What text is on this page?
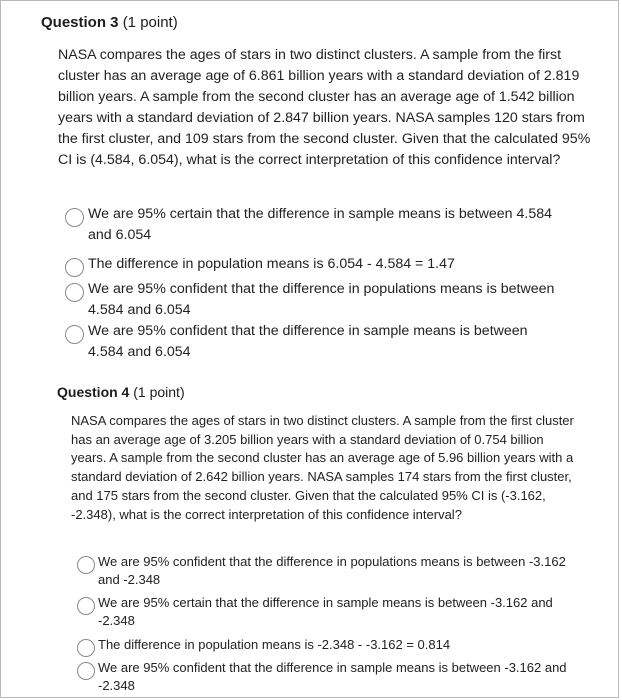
Question 3 (1 point)

NASA compares the ages of stars in two distinct clusters. A sample from the first cluster has an average age of 6.861 billion years with a standard deviation of 2.819 billion years. A sample from the second cluster has an average age of 1.542 billion years with a standard deviation of 2.847 billion years. NASA samples 120 stars from the first cluster, and 109 stars from the second cluster. Given that the calculated 95% CI is (4.584, 6.054), what is the correct interpretation of this confidence interval?

We are 95% certain that the difference in sample means is between 4.584 and 6.054
The difference in population means is 6.054 - 4.584 = 1.47
We are 95% confident that the difference in populations means is between 4.584 and 6.054
We are 95% confident that the difference in sample means is between 4.584 and 6.054
Question 4 (1 point)

NASA compares the ages of stars in two distinct clusters. A sample from the first cluster has an average age of 3.205 billion years with a standard deviation of 0.754 billion years. A sample from the second cluster has an average age of 5.96 billion years with a standard deviation of 2.642 billion years. NASA samples 174 stars from the first cluster, and 175 stars from the second cluster. Given that the calculated 95% CI is (-3.162, -2.348), what is the correct interpretation of this confidence interval?

We are 95% confident that the difference in populations means is between -3.162 and -2.348
We are 95% certain that the difference in sample means is between -3.162 and -2.348
The difference in population means is -2.348 - -3.162 = 0.814
We are 95% confident that the difference in sample means is between -3.162 and -2.348
